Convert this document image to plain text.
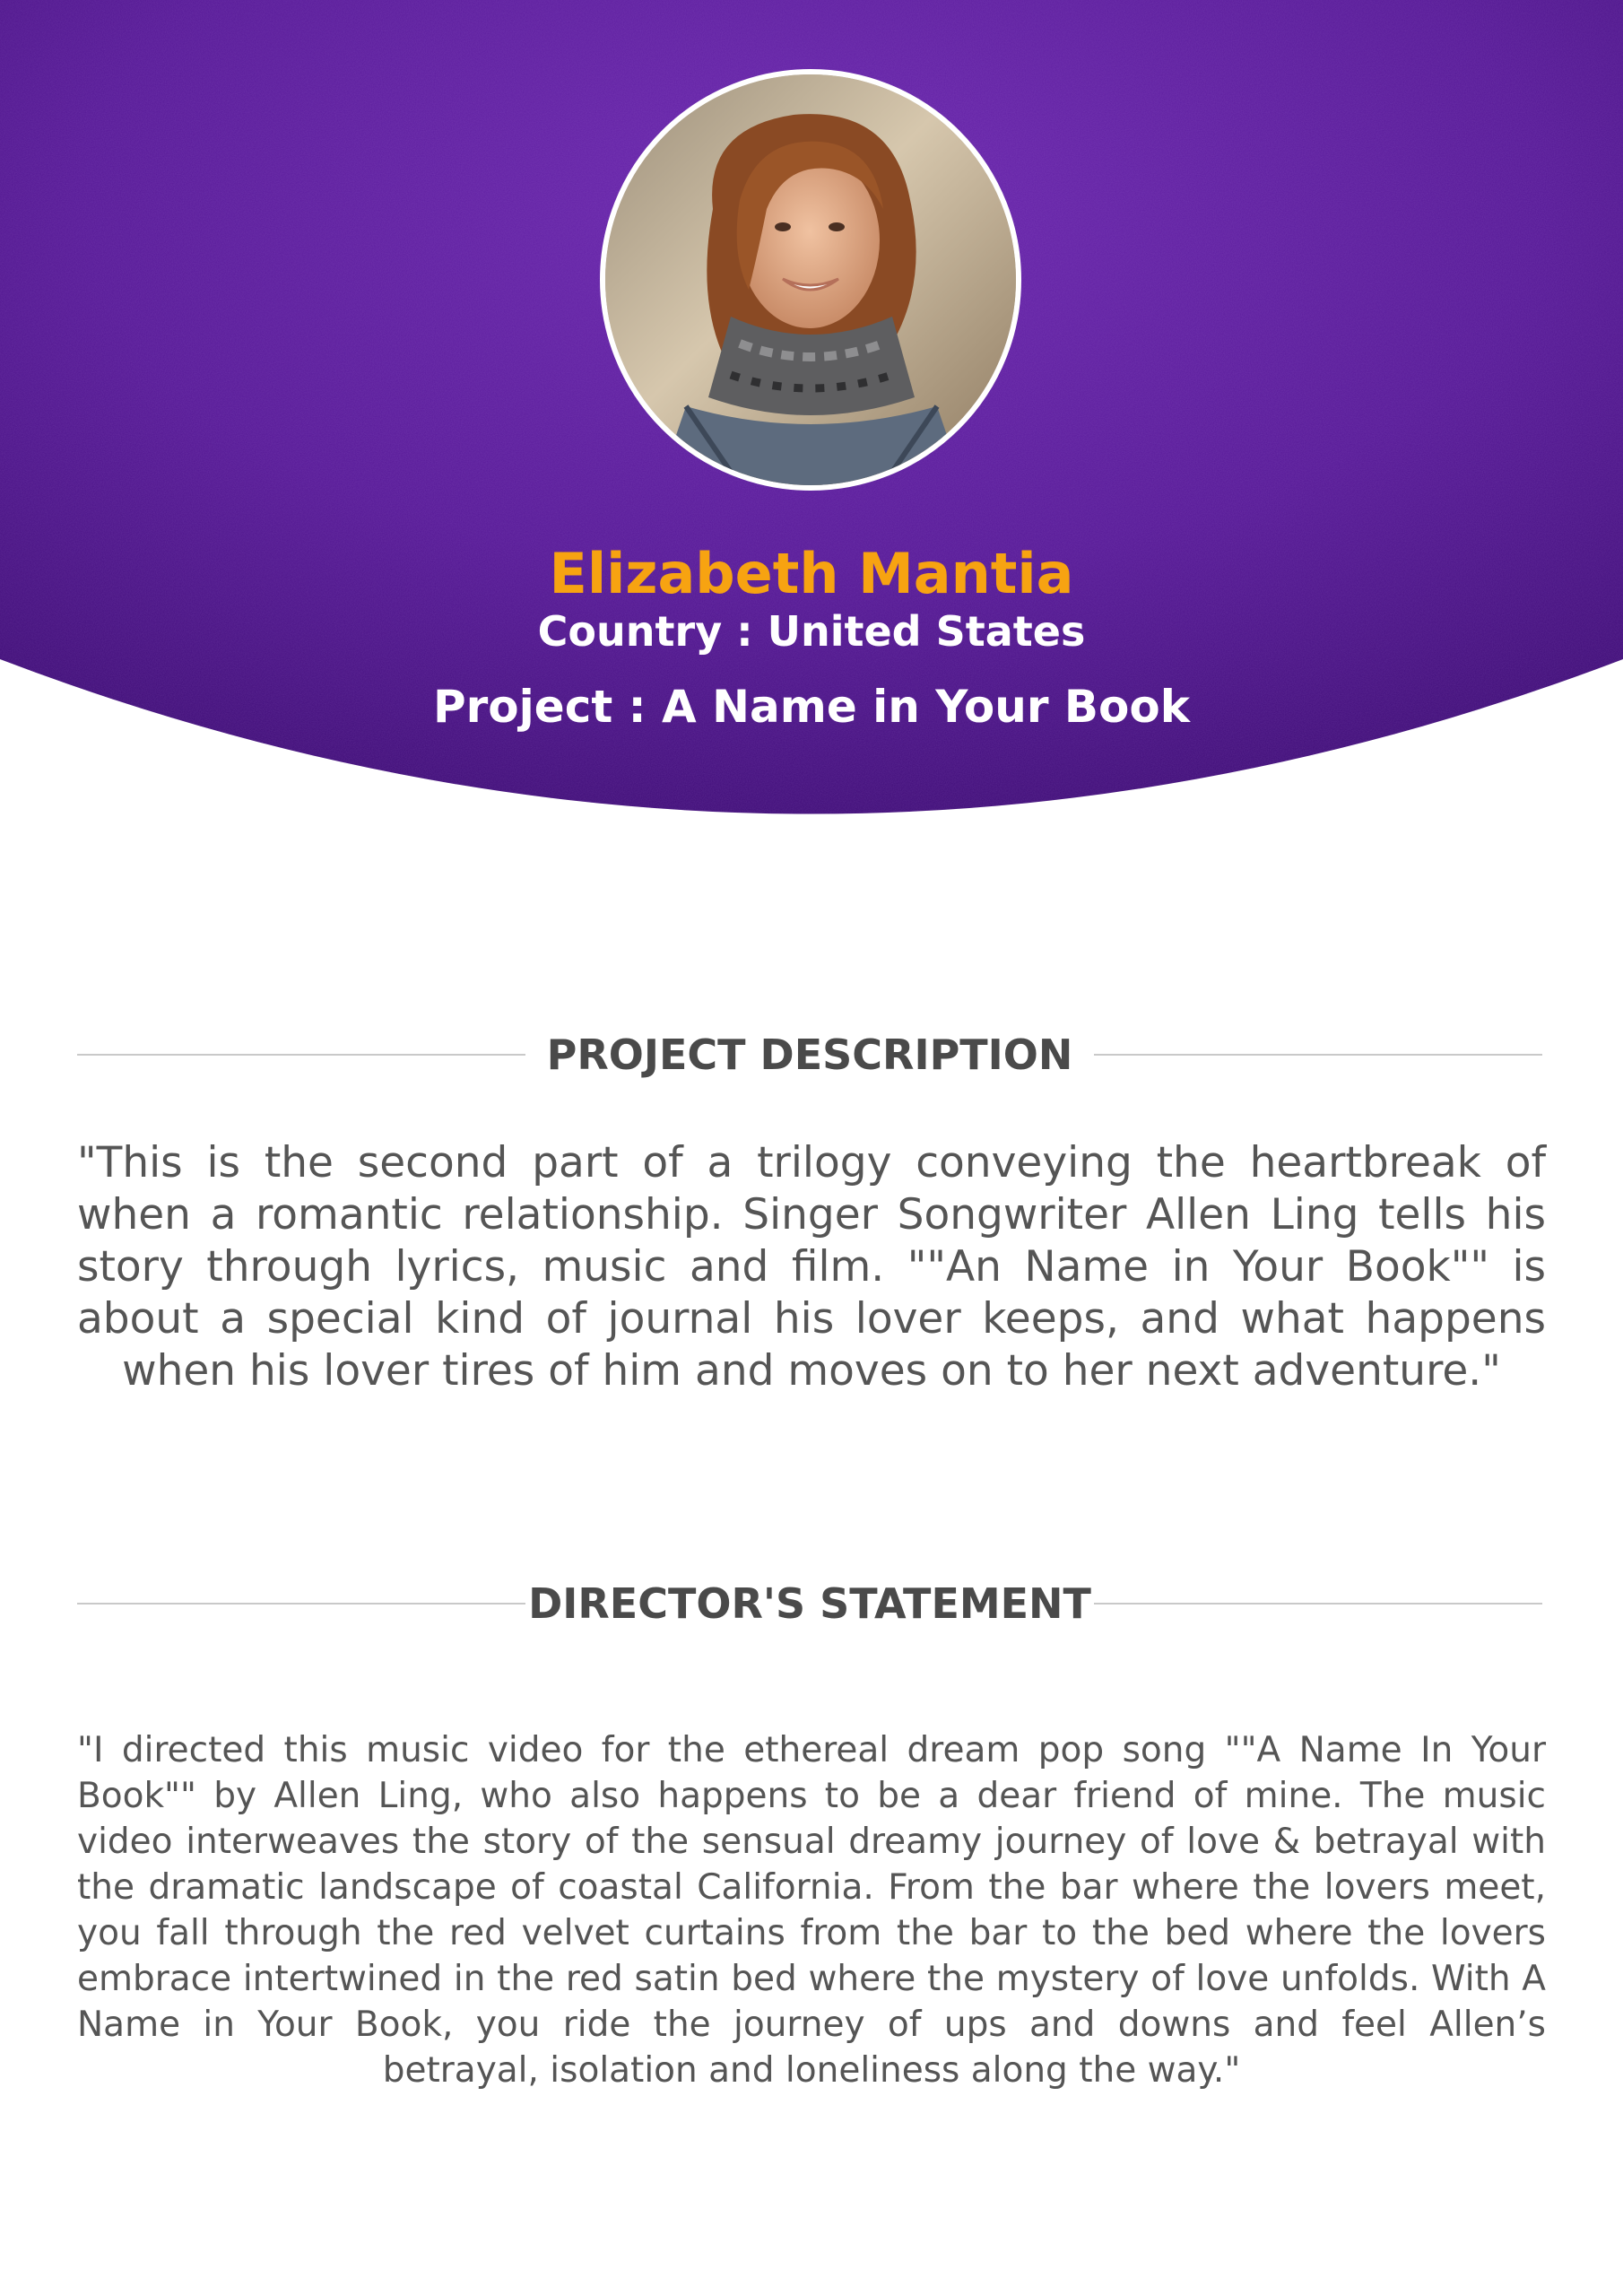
Elizabeth Mantia
Country : United States
Project : A Name in Your Book
PROJECT DESCRIPTION

"This is the second part of a trilogy conveying the heartbreak of when a romantic relationship. Singer Songwriter Allen Ling tells his story through lyrics, music and film. ""An Name in Your Book"" is about a special kind of journal his lover keeps, and what happens when his lover tires of him and moves on to her next adventure."

DIRECTOR'S STATEMENT

"I directed this music video for the ethereal dream pop song ""A Name In Your Book"" by Allen Ling, who also happens to be a dear friend of mine. The music video interweaves the story of the sensual dreamy journey of love & betrayal with the dramatic landscape of coastal California. From the bar where the lovers meet, you fall through the red velvet curtains from the bar to the bed where the lovers embrace intertwined in the red satin bed where the mystery of love unfolds. With A Name in Your Book, you ride the journey of ups and downs and feel Allen’s betrayal, isolation and loneliness along the way."
